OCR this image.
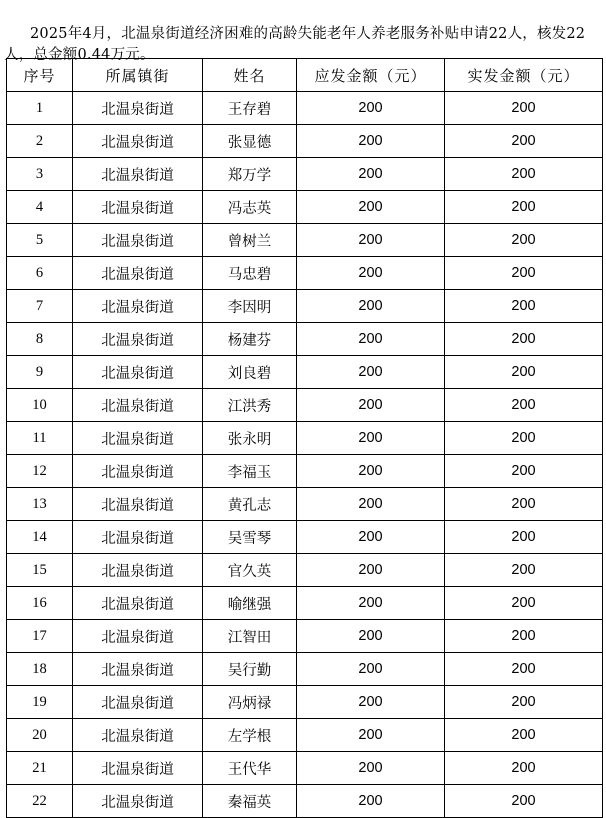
2025年4月，北温泉街道经济困难的高龄失能老年人养老服务补贴申请22人，核发22人，总金额0.44万元。

序号	所属镇街	姓名	应发金额（元）	实发金额（元）
1	北温泉街道	王存碧	200	200
2	北温泉街道	张显德	200	200
3	北温泉街道	郑万学	200	200
4	北温泉街道	冯志英	200	200
5	北温泉街道	曾树兰	200	200
6	北温泉街道	马忠碧	200	200
7	北温泉街道	李因明	200	200
8	北温泉街道	杨建芬	200	200
9	北温泉街道	刘良碧	200	200
10	北温泉街道	江洪秀	200	200
11	北温泉街道	张永明	200	200
12	北温泉街道	李福玉	200	200
13	北温泉街道	黄孔志	200	200
14	北温泉街道	吴雪琴	200	200
15	北温泉街道	官久英	200	200
16	北温泉街道	喻继强	200	200
17	北温泉街道	江智田	200	200
18	北温泉街道	吴行勤	200	200
19	北温泉街道	冯炳禄	200	200
20	北温泉街道	左学根	200	200
21	北温泉街道	王代华	200	200
22	北温泉街道	秦福英	200	200
